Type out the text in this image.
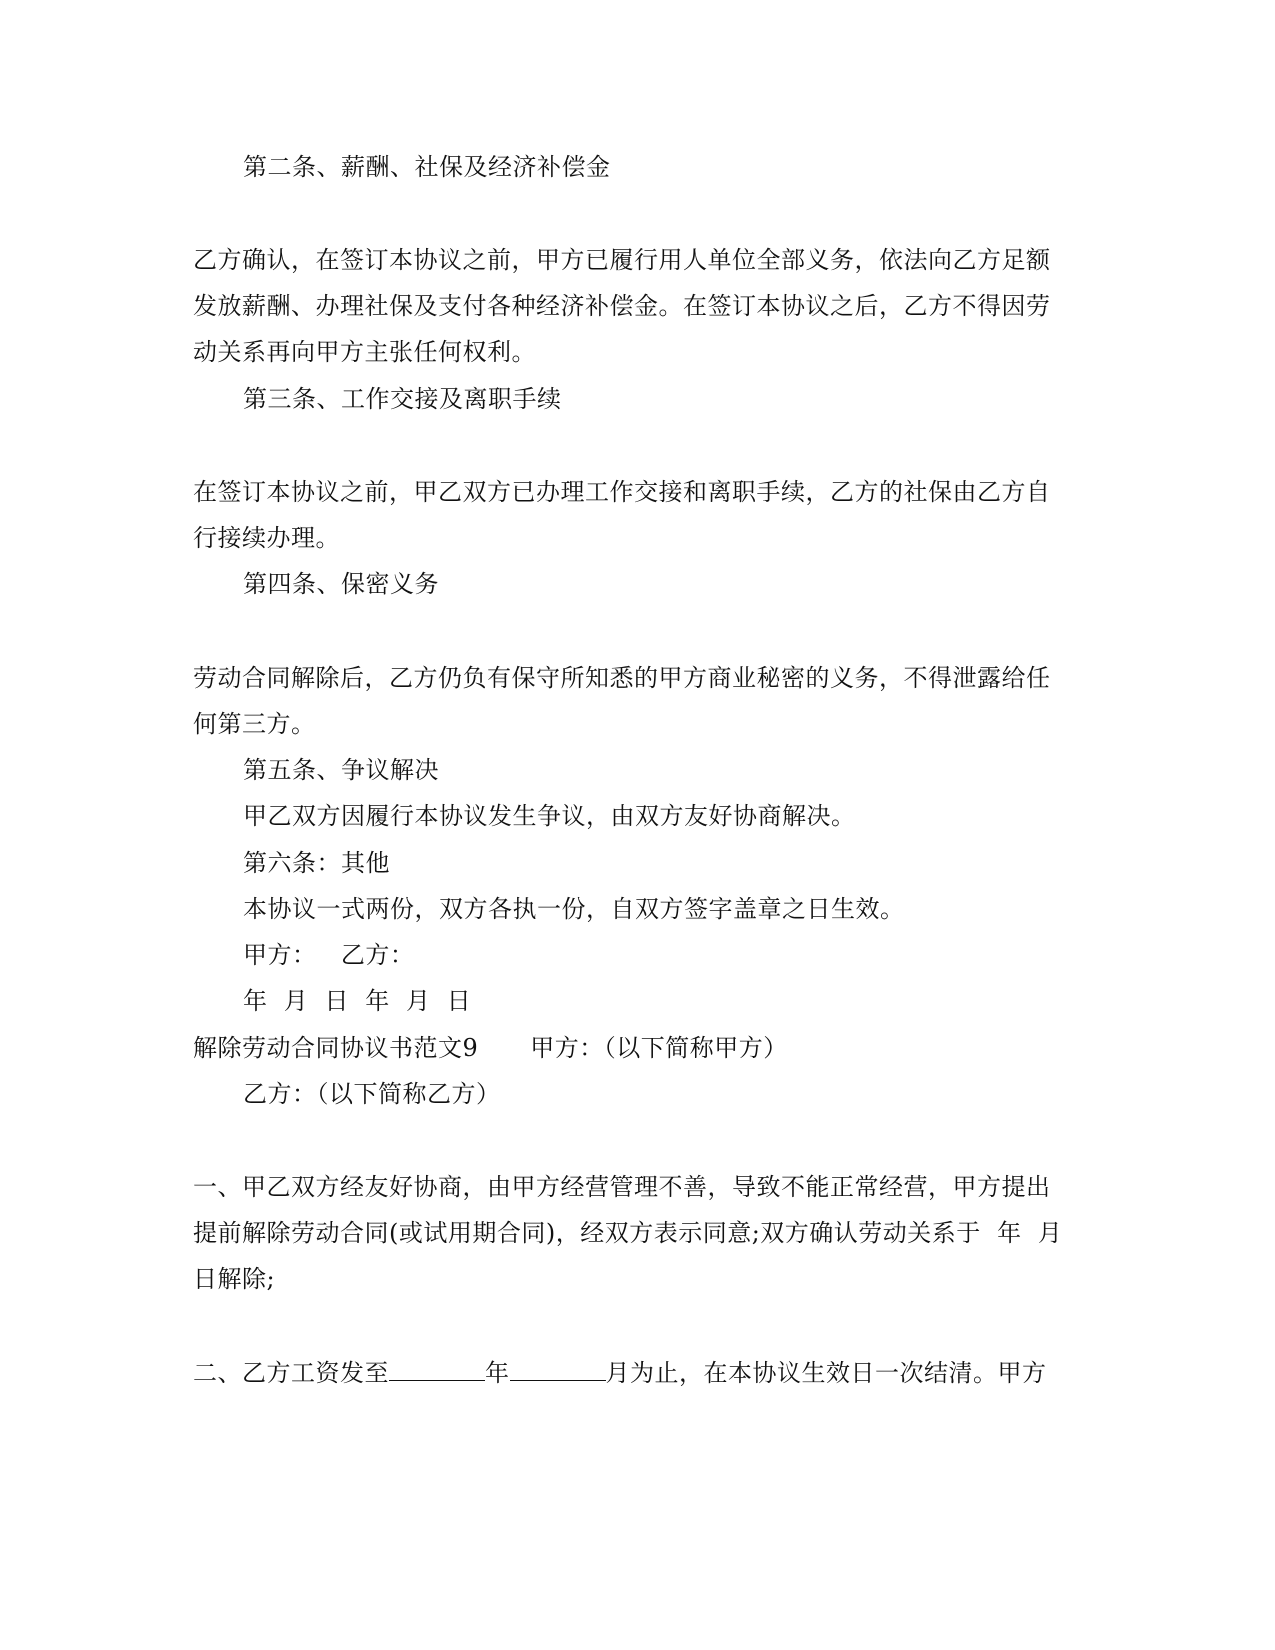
第二条、薪酬、社保及经济补偿金
乙方确认，在签订本协议之前，甲方已履行用人单位全部义务，依法向乙方足额
发放薪酬、办理社保及支付各种经济补偿金。在签订本协议之后，乙方不得因劳
动关系再向甲方主张任何权利。
第三条、工作交接及离职手续
在签订本协议之前，甲乙双方已办理工作交接和离职手续，乙方的社保由乙方自
行接续办理。
第四条、保密义务
劳动合同解除后，乙方仍负有保守所知悉的甲方商业秘密的义务，不得泄露给任
何第三方。
第五条、争议解决
甲乙双方因履行本协议发生争议，由双方友好协商解决。
第六条：其他
本协议一式两份，双方各执一份，自双方签字盖章之日生效。
甲方：   乙方：
年  月  日  年  月  日
解除劳动合同协议书范文9 甲方：（以下简称甲方）
乙方：（以下简称乙方）
一、甲乙双方经友好协商，由甲方经营管理不善，导致不能正常经营，甲方提出
提前解除劳动合同(或试用期合同)，经双方表示同意;双方确认劳动关系于  年  月
日解除;
二、乙方工资发至	年	月为止，在本协议生效日一次结清。甲方
